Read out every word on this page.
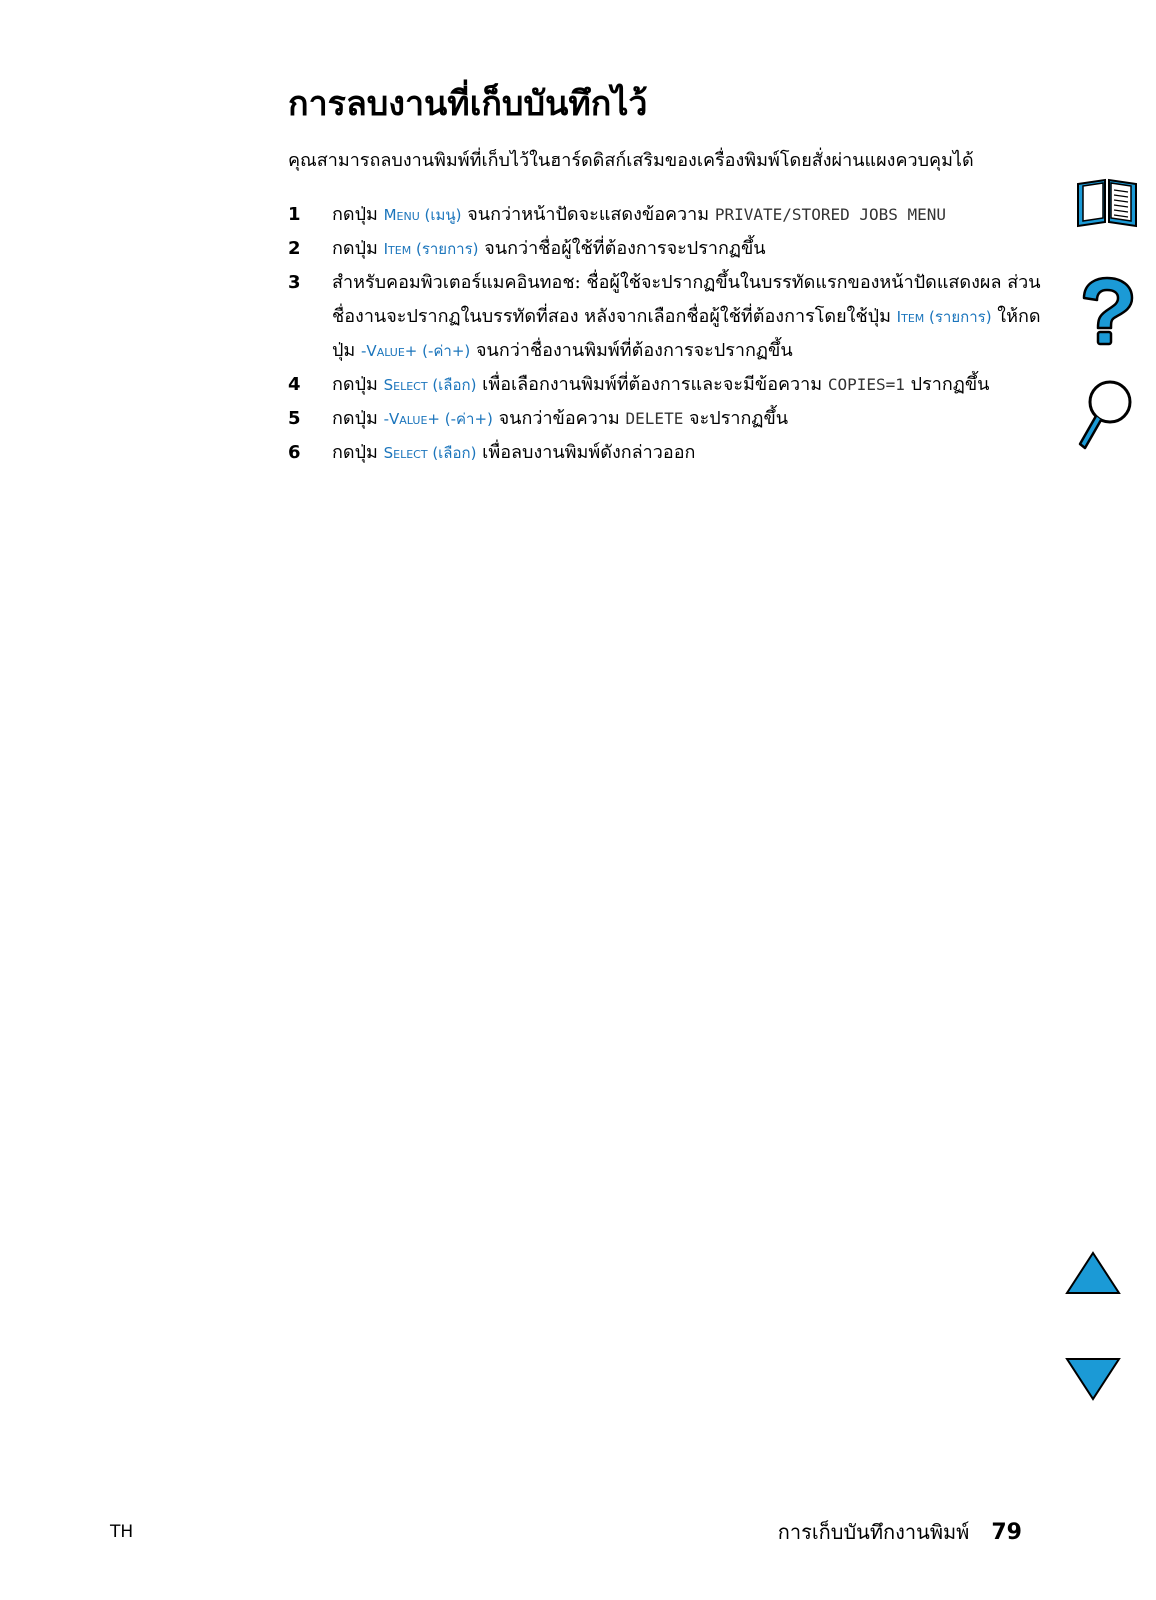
การลบงานที่เก็บบันทึกไว้

คุณสามารถลบงานพิมพ์ที่เก็บไว้ในฮาร์ดดิสก์เสริมของเครื่องพิมพ์โดยสั่งผ่านแผงควบคุมได้

1 กดปุ่ม Menu (เมนู) จนกว่าหน้าปัดจะแสดงข้อความ PRIVATE/STORED JOBS MENU
2 กดปุ่ม Item (รายการ) จนกว่าชื่อผู้ใช้ที่ต้องการจะปรากฏขึ้น
3 สำหรับคอมพิวเตอร์แมคอินทอช: ชื่อผู้ใช้จะปรากฏขึ้นในบรรทัดแรกของหน้าปัดแสดงผล ส่วนชื่องานจะปรากฏในบรรทัดที่สอง หลังจากเลือกชื่อผู้ใช้ที่ต้องการโดยใช้ปุ่ม Item (รายการ) ให้กดปุ่ม -Value+ (-ค่า+) จนกว่าชื่องานพิมพ์ที่ต้องการจะปรากฏขึ้น
4 กดปุ่ม Select (เลือก) เพื่อเลือกงานพิมพ์ที่ต้องการและจะมีข้อความ COPIES=1 ปรากฏขึ้น
5 กดปุ่ม -Value+ (-ค่า+) จนกว่าข้อความ DELETE จะปรากฏขึ้น
6 กดปุ่ม Select (เลือก) เพื่อลบงานพิมพ์ดังกล่าวออก
TH	การเก็บบันทึกงานพิมพ์ 79
